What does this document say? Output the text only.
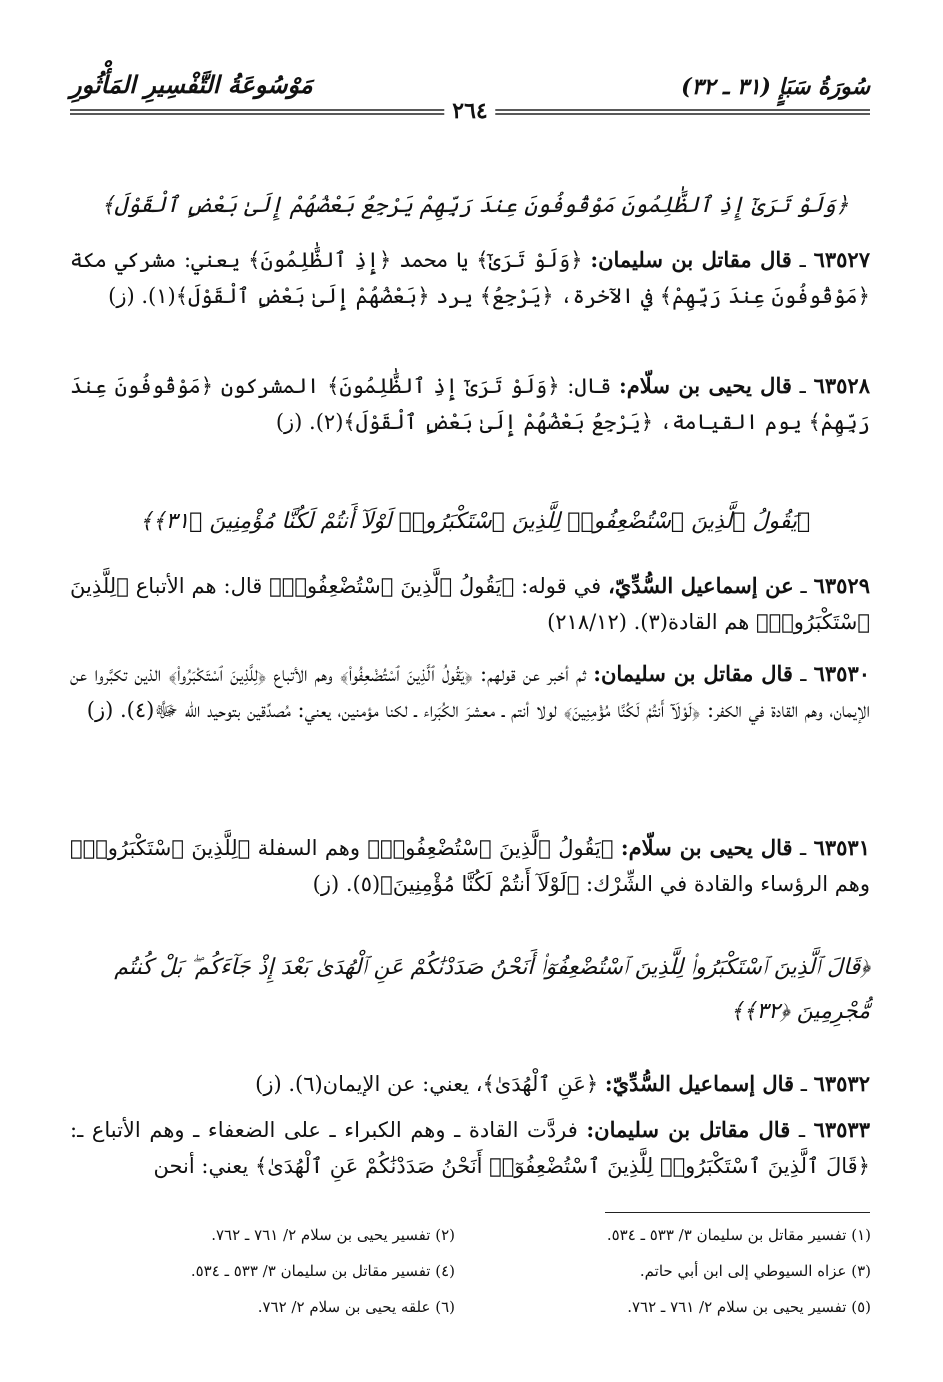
سُورَةُ سَبَإٍ (٣١ ـ ٣٢)
مَوْسُوعَةُ التَّفْسِيرِ المَأْثُورِ
٢٦٤
﴿وَلَوْ تَرَىٰٓ إِذِ ٱلظَّٰلِمُونَ مَوْقُوفُونَ عِندَ رَبِّهِمْ يَرْجِعُ بَعْضُهُمْ إِلَىٰ بَعْضٍ ٱلْقَوْلَ﴾
٦٣٥٢٧ ـ قال مقاتل بن سليمان: ﴿وَلَوْ تَرَىٰٓ﴾ يا محمد ﴿إِذِ ٱلظَّٰلِمُونَ﴾ يعني: مشركي مكة ﴿مَوْقُوفُونَ عِندَ رَبِّهِمْ﴾ في الآخرة، ﴿يَرْجِعُ﴾ يرد ﴿بَعْضُهُمْ إِلَىٰ بَعْضٍ ٱلْقَوْلَ﴾(١). (ز)
٦٣٥٢٨ ـ قال يحيى بن سلّام: قال: ﴿وَلَوْ تَرَىٰٓ إِذِ ٱلظَّٰلِمُونَ﴾ المشركون ﴿مَوْقُوفُونَ عِندَ رَبِّهِمْ﴾ يوم القيامة، ﴿يَرْجِعُ بَعْضُهُمْ إِلَىٰ بَعْضٍ ٱلْقَوْلَ﴾(٢). (ز)
﴿يَقُولُ ٱلَّذِينَ ٱسْتُضْعِفُوا۟ لِلَّذِينَ ٱسْتَكْبَرُوا۟ لَوْلَآ أَنتُمْ لَكُنَّا مُؤْمِنِينَ ﴿٣١﴾﴾
٦٣٥٢٩ ـ عن إسماعيل السُّدِّيّ، في قوله: ﴿يَقُولُ ٱلَّذِينَ ٱسْتُضْعِفُوا۟﴾ قال: هم الأتباع ﴿لِلَّذِينَ ٱسْتَكْبَرُوا۟﴾ هم القادة(٣). (٢١٨/١٢)
٦٣٥٣٠ ـ قال مقاتل بن سليمان: ثم أخبر عن قولهم: ﴿يَقُولُ ٱلَّذِينَ ٱسْتُضْعِفُوا۟﴾ وهم الأتباع ﴿لِلَّذِينَ ٱسْتَكْبَرُوا۟﴾ الذين تكبَّروا عن الإيمان، وهم القادة في الكفر: ﴿لَوْلَآ أَنتُمْ لَكُنَّا مُؤْمِنِينَ﴾ لولا أنتم ـ معشرَ الكُبَراء ـ لكنا مؤمنين، يعني: مُصدِّقين بتوحيد الله ﷻ(٤). (ز)
٦٣٥٣١ ـ قال يحيى بن سلّام: ﴿يَقُولُ ٱلَّذِينَ ٱسْتُضْعِفُوا۟﴾ وهم السفلة ﴿لِلَّذِينَ ٱسْتَكْبَرُوا۟﴾ وهم الرؤساء والقادة في الشِّرْك: ﴿لَوْلَآ أَنتُمْ لَكُنَّا مُؤْمِنِينَ﴾(٥). (ز)
﴿قَالَ ٱلَّذِينَ ٱسْتَكْبَرُوا۟ لِلَّذِينَ ٱسْتُضْعِفُوٓا۟ أَنَحْنُ صَدَدْنَٰكُمْ عَنِ ٱلْهُدَىٰ بَعْدَ إِذْ جَآءَكُم ۖ بَلْ كُنتُم مُّجْرِمِينَ ﴿٣٢﴾﴾
٦٣٥٣٢ ـ قال إسماعيل السُّدِّيّ: ﴿عَنِ ٱلْهُدَىٰ﴾، يعني: عن الإيمان(٦). (ز)
٦٣٥٣٣ ـ قال مقاتل بن سليمان: فردَّت القادة ـ وهم الكبراء ـ على الضعفاء ـ وهم الأتباع ـ: ﴿قَالَ ٱلَّذِينَ ٱسْتَكْبَرُوا۟ لِلَّذِينَ ٱسْتُضْعِفُوٓا۟ أَنَحْنُ صَدَدْنَٰكُمْ عَنِ ٱلْهُدَىٰ﴾ يعني: أنحن
(١) تفسير مقاتل بن سليمان ٣/ ٥٣٣ ـ ٥٣٤.
(٢) تفسير يحيى بن سلام ٢/ ٧٦١ ـ ٧٦٢.
(٣) عزاه السيوطي إلى ابن أبي حاتم.
(٤) تفسير مقاتل بن سليمان ٣/ ٥٣٣ ـ ٥٣٤.
(٥) تفسير يحيى بن سلام ٢/ ٧٦١ ـ ٧٦٢.
(٦) علقه يحيى بن سلام ٢/ ٧٦٢.
